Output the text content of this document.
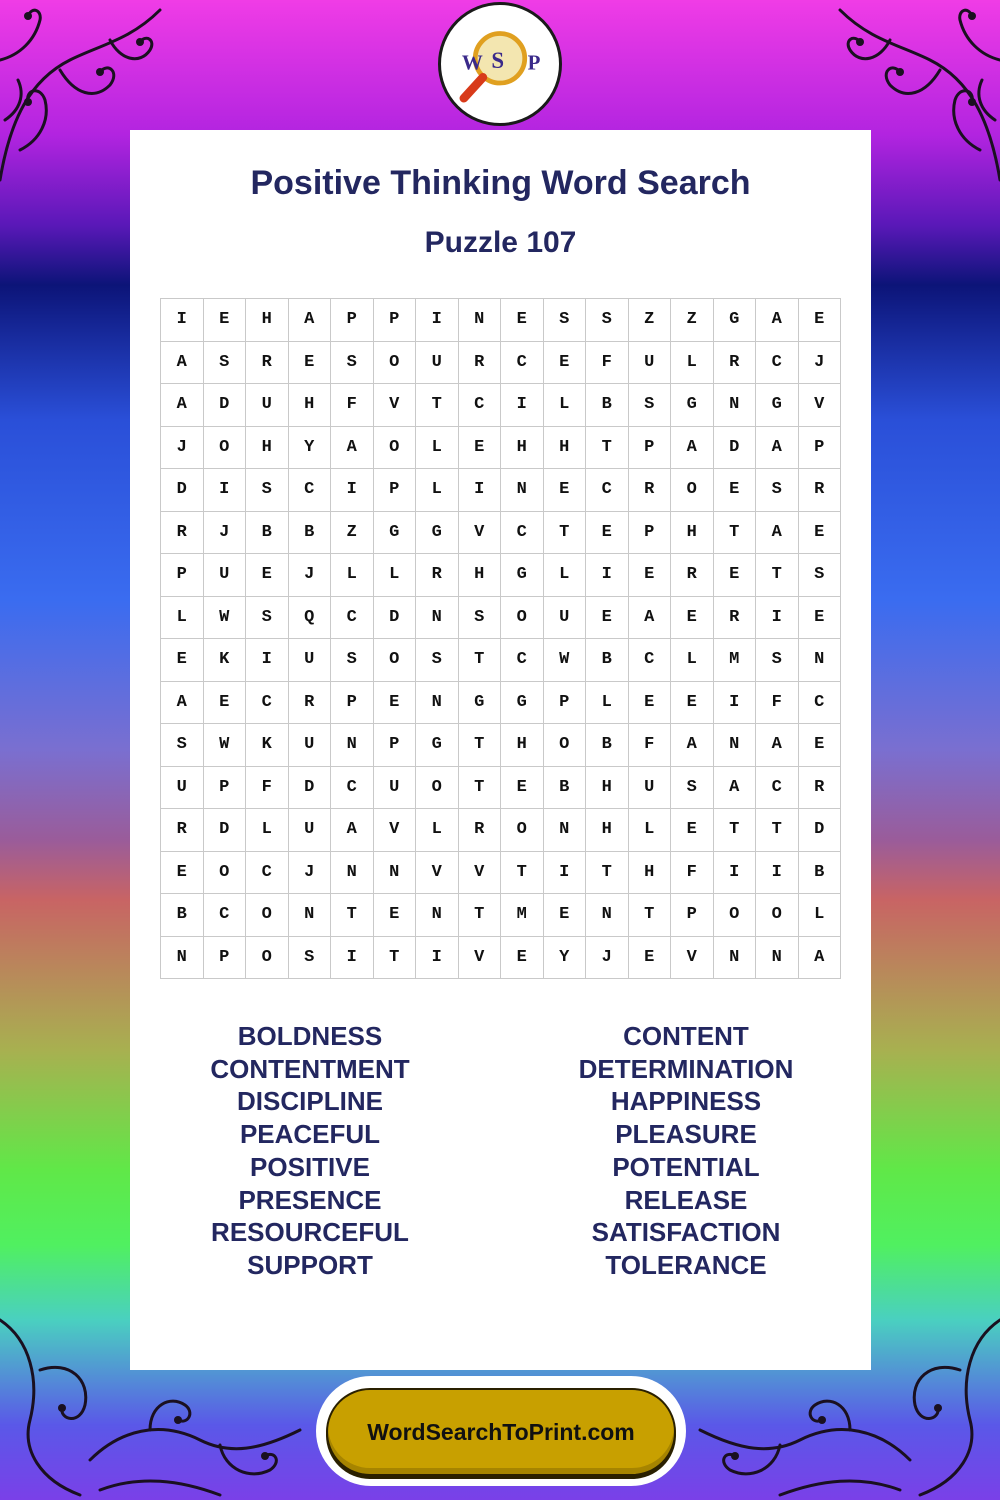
W S P
Positive Thinking Word Search
Puzzle 107
I	E	H	A	P	P	I	N	E	S	S	Z	Z	G	A	E
A	S	R	E	S	O	U	R	C	E	F	U	L	R	C	J
A	D	U	H	F	V	T	C	I	L	B	S	G	N	G	V
J	O	H	Y	A	O	L	E	H	H	T	P	A	D	A	P
D	I	S	C	I	P	L	I	N	E	C	R	O	E	S	R
R	J	B	B	Z	G	G	V	C	T	E	P	H	T	A	E
P	U	E	J	L	L	R	H	G	L	I	E	R	E	T	S
L	W	S	Q	C	D	N	S	O	U	E	A	E	R	I	E
E	K	I	U	S	O	S	T	C	W	B	C	L	M	S	N
A	E	C	R	P	E	N	G	G	P	L	E	E	I	F	C
S	W	K	U	N	P	G	T	H	O	B	F	A	N	A	E
U	P	F	D	C	U	O	T	E	B	H	U	S	A	C	R
R	D	L	U	A	V	L	R	O	N	H	L	E	T	T	D
E	O	C	J	N	N	V	V	T	I	T	H	F	I	I	B
B	C	O	N	T	E	N	T	M	E	N	T	P	O	O	L
N	P	O	S	I	T	I	V	E	Y	J	E	V	N	N	A
BOLDNESS
CONTENTMENT
DISCIPLINE
PEACEFUL
POSITIVE
PRESENCE
RESOURCEFUL
SUPPORT
CONTENT
DETERMINATION
HAPPINESS
PLEASURE
POTENTIAL
RELEASE
SATISFACTION
TOLERANCE
WordSearchToPrint.com
